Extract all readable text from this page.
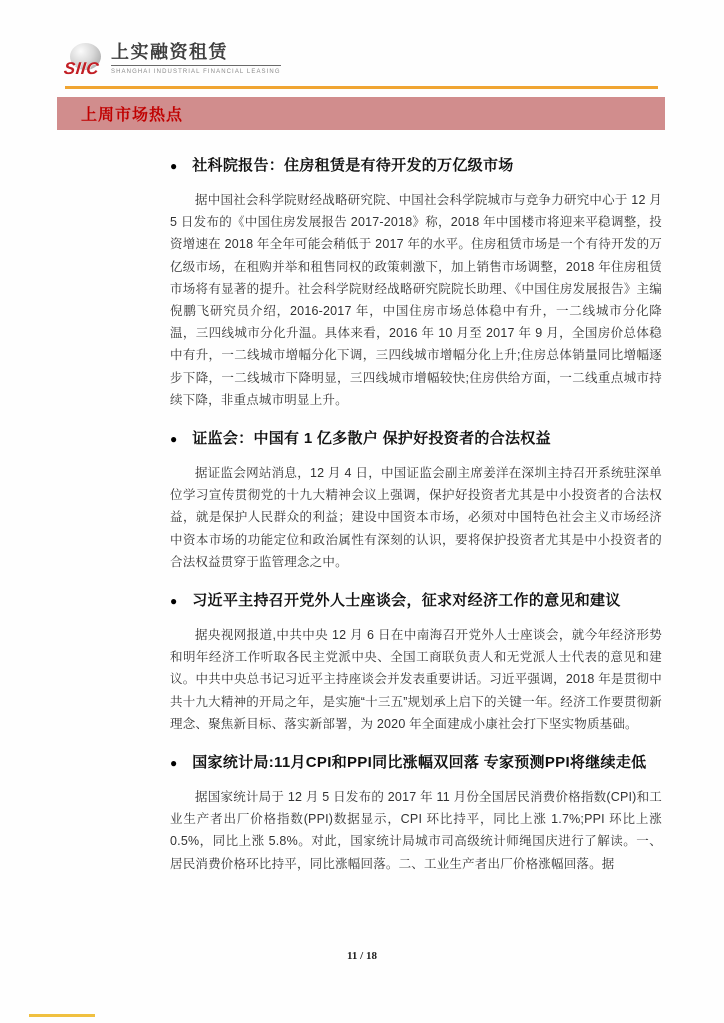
SIIC
上实融资租赁
SHANGHAI INDUSTRIAL FINANCIAL LEASING
上周市场热点
● 社科院报告：住房租赁是有待开发的万亿级市场

据中国社会科学院财经战略研究院、中国社会科学院城市与竞争力研究中心于 12 月 5 日发布的《中国住房发展报告 2017-2018》称，2018 年中国楼市将迎来平稳调整，投资增速在 2018 年全年可能会稍低于 2017 年的水平。住房租赁市场是一个有待开发的万亿级市场，在租购并举和租售同权的政策刺激下，加上销售市场调整，2018 年住房租赁市场将有显著的提升。社会科学院财经战略研究院院长助理、《中国住房发展报告》主编倪鹏飞研究员介绍，2016-2017 年，中国住房市场总体稳中有升，一二线城市分化降温，三四线城市分化升温。具体来看，2016 年 10 月至 2017 年 9 月，全国房价总体稳中有升，一二线城市增幅分化下调，三四线城市增幅分化上升;住房总体销量同比增幅逐步下降，一二线城市下降明显，三四线城市增幅较快;住房供给方面，一二线重点城市持续下降，非重点城市明显上升。

● 证监会：中国有 1 亿多散户 保护好投资者的合法权益

据证监会网站消息，12 月 4 日，中国证监会副主席姜洋在深圳主持召开系统驻深单位学习宣传贯彻党的十九大精神会议上强调，保护好投资者尤其是中小投资者的合法权益，就是保护人民群众的利益；建设中国资本市场，必须对中国特色社会主义市场经济中资本市场的功能定位和政治属性有深刻的认识，要将保护投资者尤其是中小投资者的合法权益贯穿于监管理念之中。

● 习近平主持召开党外人士座谈会，征求对经济工作的意见和建议

据央视网报道,中共中央 12 月 6 日在中南海召开党外人士座谈会，就今年经济形势和明年经济工作听取各民主党派中央、全国工商联负责人和无党派人士代表的意见和建议。中共中央总书记习近平主持座谈会并发表重要讲话。习近平强调，2018 年是贯彻中共十九大精神的开局之年，是实施“十三五”规划承上启下的关键一年。经济工作要贯彻新理念、聚焦新目标、落实新部署，为 2020 年全面建成小康社会打下坚实物质基础。

● 国家统计局:11月CPI和PPI同比涨幅双回落 专家预测PPI将继续走低

据国家统计局于 12 月 5 日发布的 2017 年 11 月份全国居民消费价格指数(CPI)和工业生产者出厂价格指数(PPI)数据显示，CPI 环比持平，同比上涨 1.7%;PPI 环比上涨 0.5%，同比上涨 5.8%。对此，国家统计局城市司高级统计师绳国庆进行了解读。一、居民消费价格环比持平，同比涨幅回落。二、工业生产者出厂价格涨幅回落。据

11 / 18
